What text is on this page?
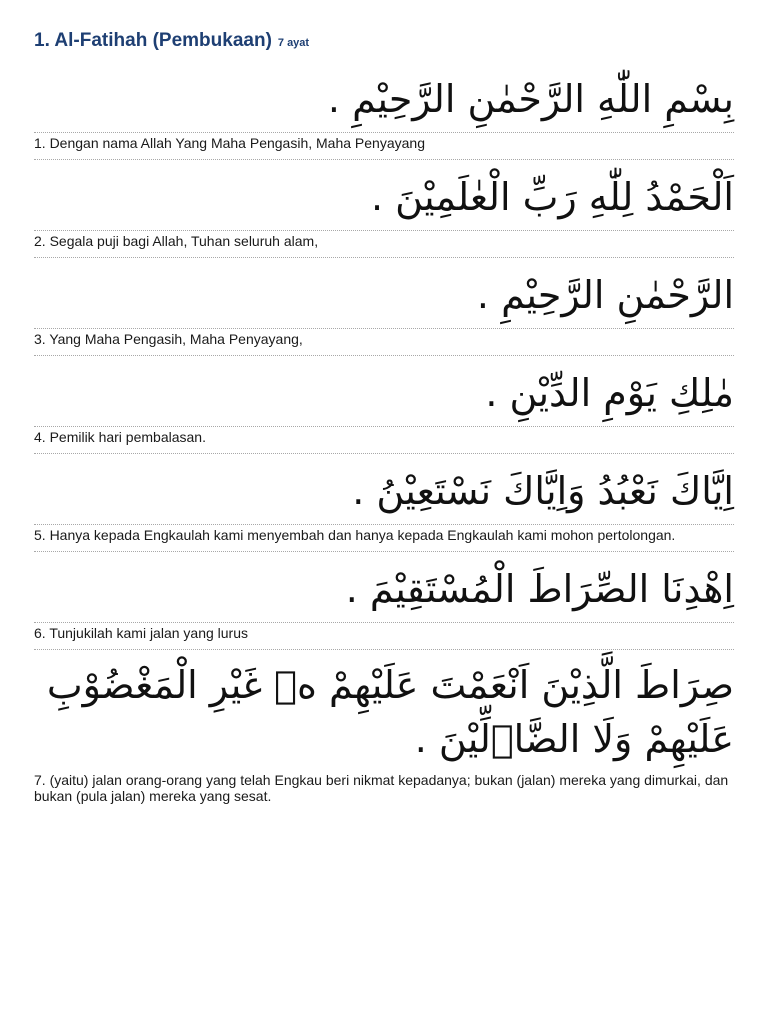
1. Al-Fatihah (Pembukaan) 7 ayat
بِسْمِ اللّٰهِ الرَّحْمٰنِ الرَّحِيْمِ .
1. Dengan nama Allah Yang Maha Pengasih, Maha Penyayang
اَلْحَمْدُ لِلّٰهِ رَبِّ الْعٰلَمِيْنَ .
2. Segala puji bagi Allah, Tuhan seluruh alam,
الرَّحْمٰنِ الرَّحِيْمِ .
3. Yang Maha Pengasih, Maha Penyayang,
مٰلِكِ يَوْمِ الدِّيْنِ .
4. Pemilik hari pembalasan.
اِيَّاكَ نَعْبُدُ وَاِيَّاكَ نَسْتَعِيْنُ .
5. Hanya kepada Engkaulah kami menyembah dan hanya kepada Engkaulah kami mohon pertolongan.
اِهْدِنَا الصِّرَاطَ الْمُسْتَقِيْمَ .
6. Tunjukilah kami jalan yang lurus
صِرَاطَ الَّذِيْنَ اَنْعَمْتَ عَلَيْهِمْ ەۙ غَيْرِ الْمَغْضُوْبِ عَلَيْهِمْ وَلَا الضَّاۤلِّيْنَ .
7. (yaitu) jalan orang-orang yang telah Engkau beri nikmat kepadanya; bukan (jalan) mereka yang dimurkai, dan bukan (pula jalan) mereka yang sesat.
